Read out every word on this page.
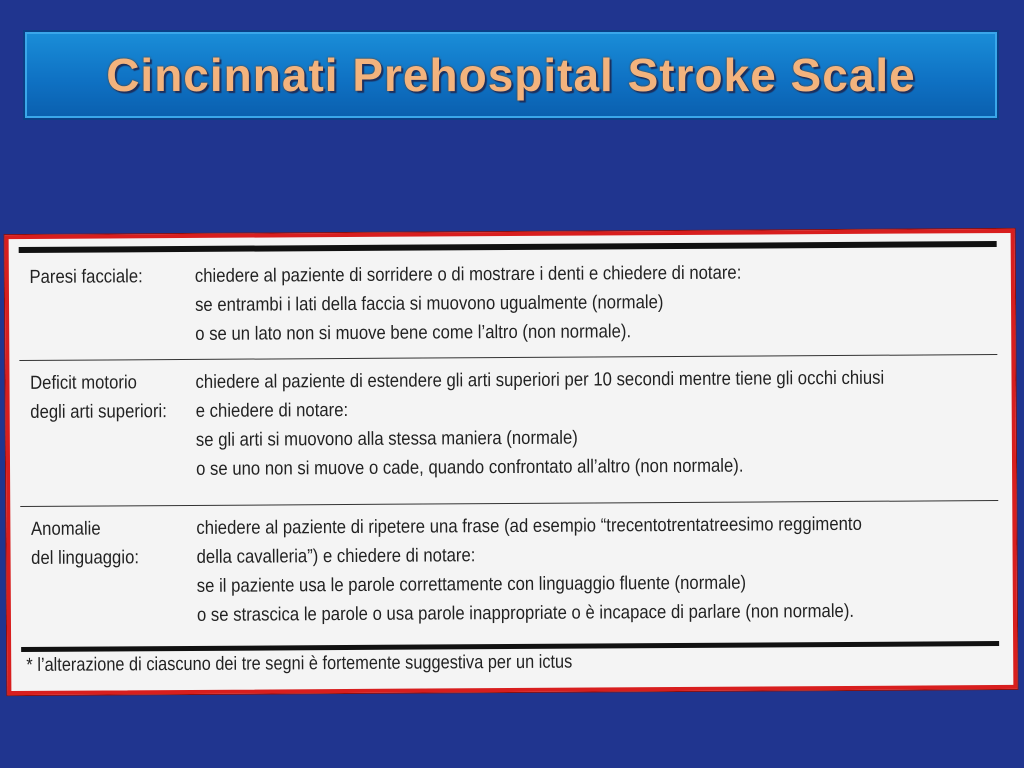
Cincinnati Prehospital Stroke Scale
Paresi facciale:	chiedere al paziente di sorridere o di mostrare i denti e chiedere di notare:
se entrambi i lati della faccia si muovono ugualmente (normale)
o se un lato non si muove bene come l’altro (non normale).
Deficit motorio
degli arti superiori:
chiedere al paziente di estendere gli arti superiori per 10 secondi mentre tiene gli occhi chiusi
e chiedere di notare:
se gli arti si muovono alla stessa maniera (normale)
o se uno non si muove o cade, quando confrontato all’altro (non normale).
Anomalie
del linguaggio:
chiedere al paziente di ripetere una frase (ad esempio “trecentotrentatreesimo reggimento
della cavalleria”) e chiedere di notare:
se il paziente usa le parole correttamente con linguaggio fluente (normale)
o se strascica le parole o usa parole inappropriate o è incapace di parlare (non normale).
* l’alterazione di ciascuno dei tre segni è fortemente suggestiva per un ictus
